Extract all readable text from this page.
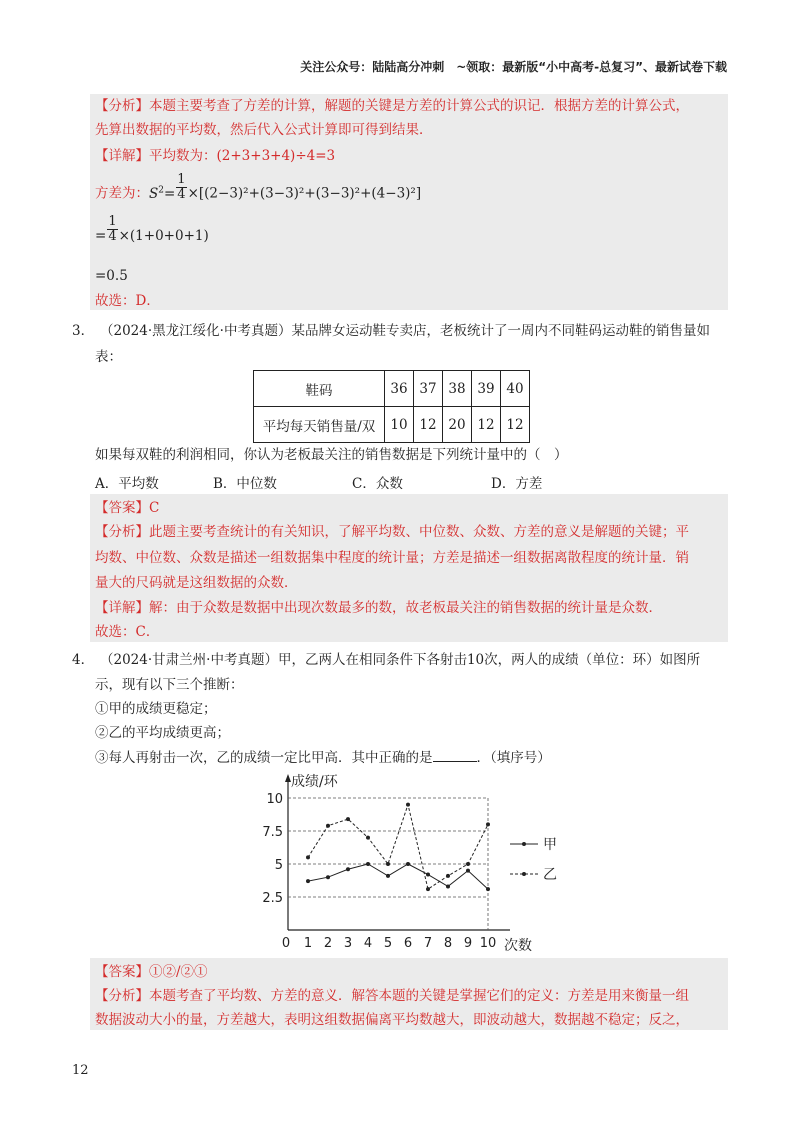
关注公众号：陆陆高分冲刺　~领取：最新版“小中高考-总复习”、最新试卷下载
【分析】本题主要考查了方差的计算，解题的关键是方差的计算公式的识记．根据方差的计算公式，
先算出数据的平均数，然后代入公式计算即可得到结果．
【详解】平均数为：(2+3+3+4)÷4=3
方差为：$S^2= \frac{1}{4} \times[(2-3)^2+(3-3)^2+(3-3)^2+(4-3)^2]$
= $\frac{1}{4} \times(1+0+0+1)$
=0.5
故选：D．
3． （2024·黑龙江绥化·中考真题）某品牌女运动鞋专卖店，老板统计了一周内不同鞋码运动鞋的销售量如
表：
鞋码	36	37	38	39	40
平均每天销售量/双	10	12	20	12	12
如果每双鞋的利润相同，你认为老板最关注的销售数据是下列统计量中的（　）
A．平均数	B．中位数	C．众数	D．方差
【答案】C
【分析】此题主要考查统计的有关知识，了解平均数、中位数、众数、方差的意义是解题的关键；平
均数、中位数、众数是描述一组数据集中程度的统计量；方差是描述一组数据离散程度的统计量．销
量大的尺码就是这组数据的众数．
【详解】解：由于众数是数据中出现次数最多的数，故老板最关注的销售数据的统计量是众数．
故选：C．
4． （2024·甘肃兰州·中考真题）甲，乙两人在相同条件下各射击10次，两人的成绩（单位：环）如图所
示，现有以下三个推断：
①甲的成绩更稳定；
②乙的平均成绩更高；
③每人再射击一次，乙的成绩一定比甲高．其中正确的是	．（填序号）
2.5
5
7.5
10
0 1 2 3 4 5 6 7 8 9 10
成绩/环
次数
甲
乙
【答案】①②/②①
【分析】本题考查了平均数、方差的意义．解答本题的关键是掌握它们的定义：方差是用来衡量一组
数据波动大小的量，方差越大，表明这组数据偏离平均数越大，即波动越大，数据越不稳定；反之，
12
